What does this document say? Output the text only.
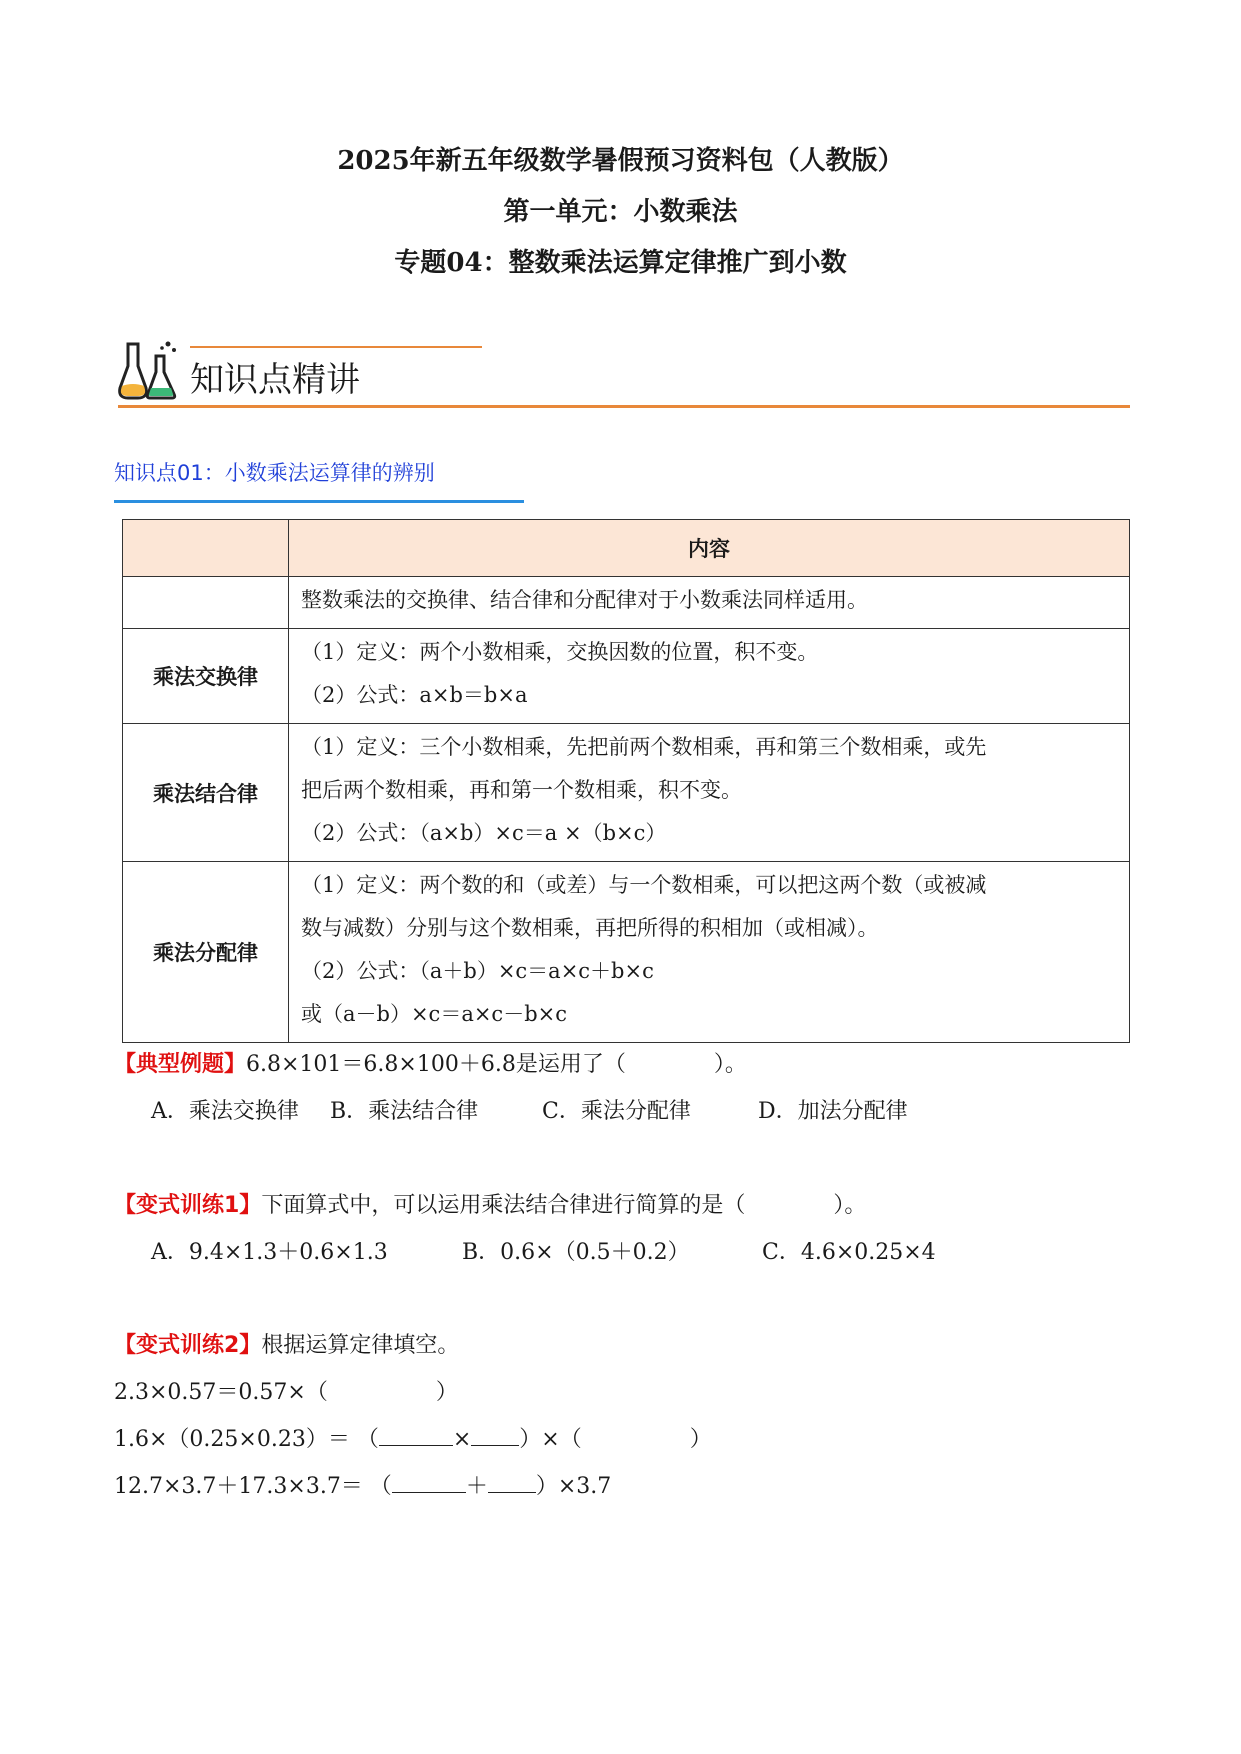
2025年新五年级数学暑假预习资料包（人教版）
第一单元：小数乘法
专题04：整数乘法运算定律推广到小数
知识点精讲
知识点01：小数乘法运算律的辨别
	内容
	整数乘法的交换律、结合律和分配律对于小数乘法同样适用。
乘法交换律	（1）定义：两个小数相乘，交换因数的位置，积不变。
（2）公式：a×b＝b×a

乘法结合律	（1）定义：三个小数相乘，先把前两个数相乘，再和第三个数相乘，或先
把后两个数相乘，再和第一个数相乘，积不变。
（2）公式：（a×b）×c＝a ×（b×c）

乘法分配律	（1）定义：两个数的和（或差）与一个数相乘，可以把这两个数（或被减
数与减数）分别与这个数相乘，再把所得的积相加（或相减）。
（2）公式：（a＋b）×c＝a×c＋b×c
或（a－b）×c＝a×c－b×c
【典型例题】6.8×101＝6.8×100＋6.8是运用了（　　　　）。
A．乘法交换律 B．乘法结合律	C．乘法分配律	D．加法分配律
【变式训练1】下面算式中，可以运用乘法结合律进行简算的是（　　　　）。
A．9.4×1.3＋0.6×1.3	B．0.6×（0.5＋0.2）	C．4.6×0.25×4
【变式训练2】根据运算定律填空。
2.3×0.57＝0.57×（	）
1.6×（0.25×0.23）＝ （	× ）×（	）
12.7×3.7＋17.3×3.7＝ （	＋ ）×3.7
